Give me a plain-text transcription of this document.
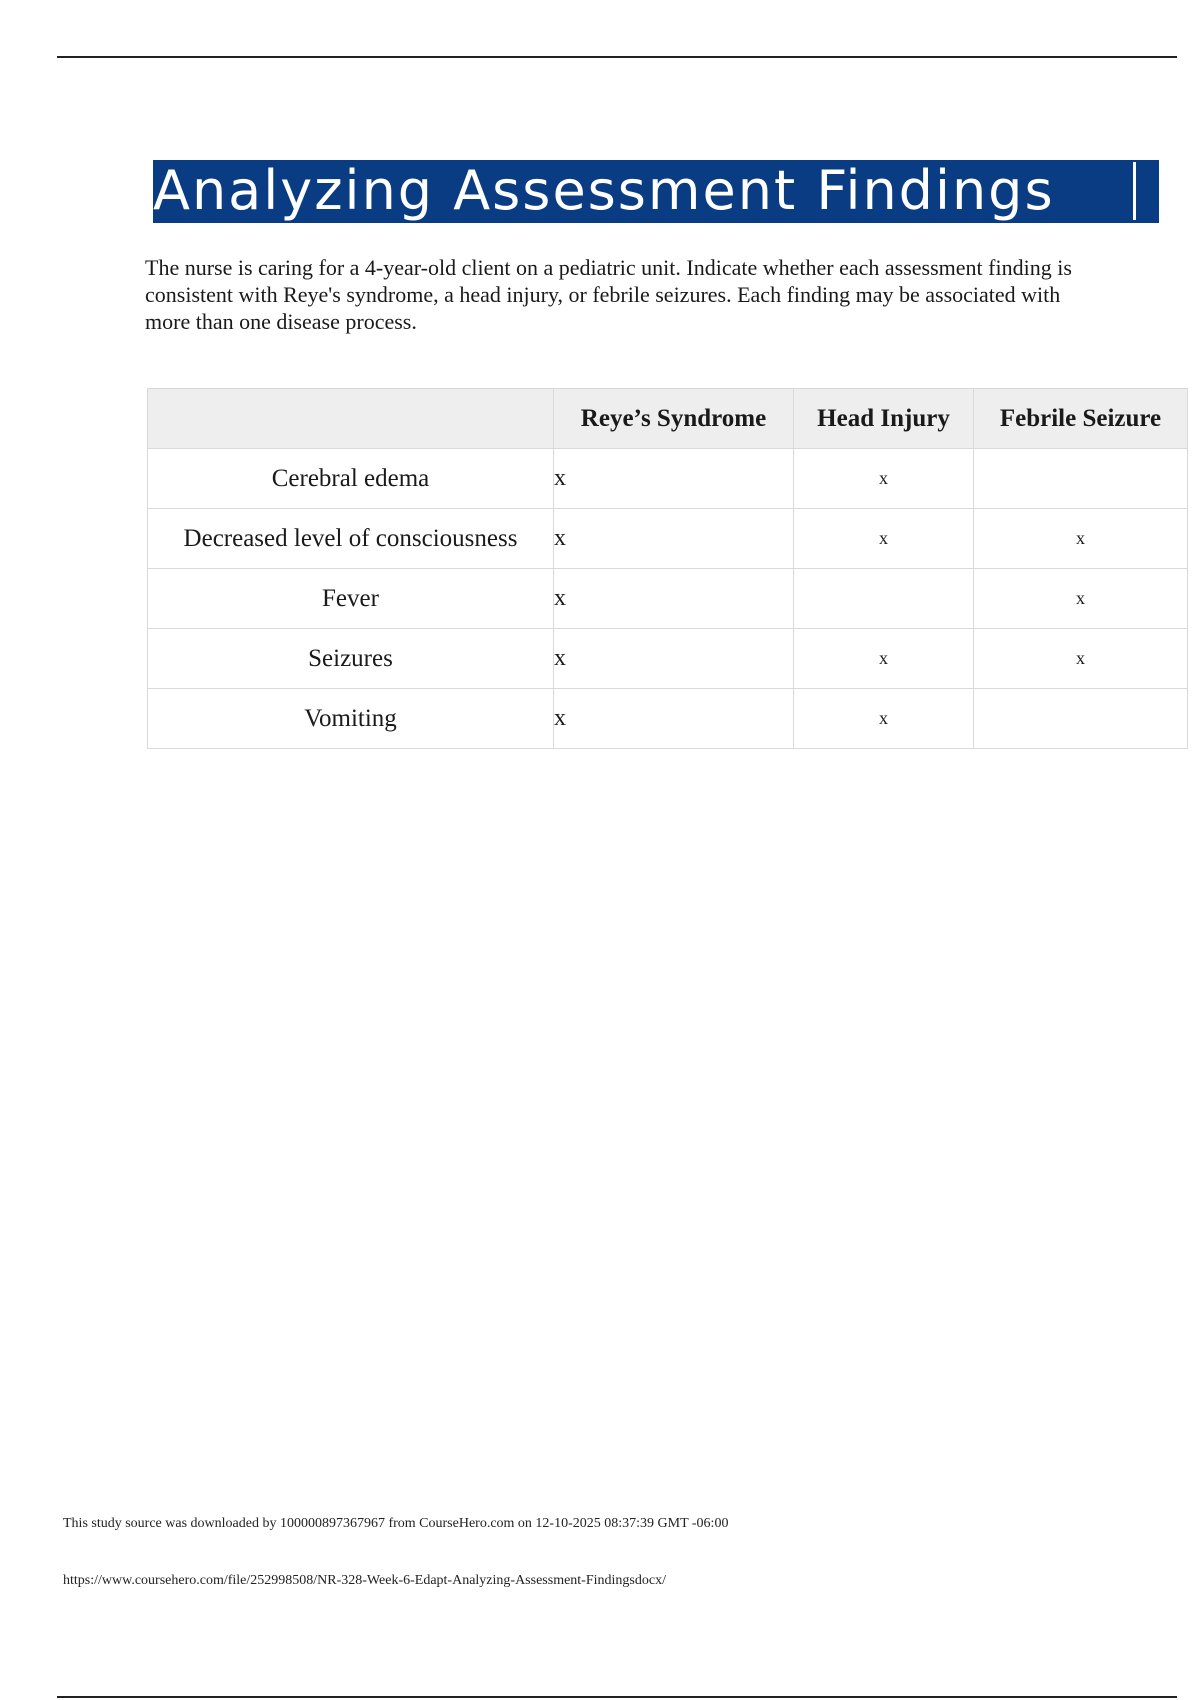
Analyzing Assessment Findings

The nurse is caring for a 4-year-old client on a pediatric unit. Indicate whether each assessment finding is consistent with Reye's syndrome, a head injury, or febrile seizures. Each finding may be associated with more than one disease process.

	Reye’s Syndrome	Head Injury	Febrile Seizure
Cerebral edema	x	x	
Decreased level of consciousness	x	x	x
Fever	x		x
Seizures	x	x	x
Vomiting	x	x	
This study source was downloaded by 100000897367967 from CourseHero.com on 12-10-2025 08:37:39 GMT -06:00
https://www.coursehero.com/file/252998508/NR-328-Week-6-Edapt-Analyzing-Assessment-Findingsdocx/
